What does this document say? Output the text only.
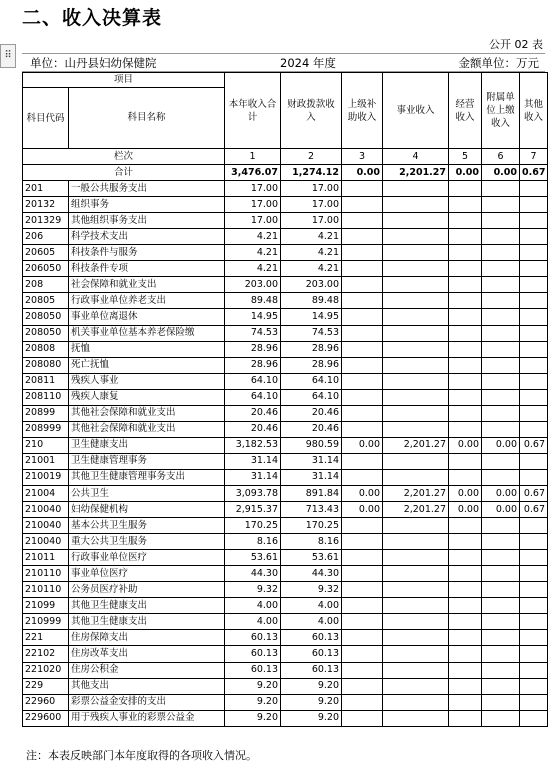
二、收入决算表
⠿
公开 02 表
单位：山丹县妇幼保健院	2024 年度	金额单位：万元
项目		本年收入合计	财政拨款收入	上级补助收入	事业收入	经营收入	附属单位上缴收入	其他收入
科目代码	科目名称							

栏次		1	2	3	4	5	6	7
合计		3,476.07	1,274.12	0.00	2,201.27	0.00	0.00	0.67
201	一般公共服务支出	17.00	17.00					
20132	组织事务	17.00	17.00					
201329	其他组织事务支出	17.00	17.00					
206	科学技术支出	4.21	4.21					
20605	科技条件与服务	4.21	4.21					
206050	科技条件专项	4.21	4.21					
208	社会保障和就业支出	203.00	203.00					
20805	行政事业单位养老支出	89.48	89.48					
208050	事业单位离退休	14.95	14.95					
208050	机关事业单位基本养老保险缴	74.53	74.53					
20808	抚恤	28.96	28.96					
208080	死亡抚恤	28.96	28.96					
20811	残疾人事业	64.10	64.10					
208110	残疾人康复	64.10	64.10					
20899	其他社会保障和就业支出	20.46	20.46					
208999	其他社会保障和就业支出	20.46	20.46					
210	卫生健康支出	3,182.53	980.59	0.00	2,201.27	0.00	0.00	0.67
21001	卫生健康管理事务	31.14	31.14					
210019	其他卫生健康管理事务支出	31.14	31.14					
21004	公共卫生	3,093.78	891.84	0.00	2,201.27	0.00	0.00	0.67
210040	妇幼保健机构	2,915.37	713.43	0.00	2,201.27	0.00	0.00	0.67
210040	基本公共卫生服务	170.25	170.25					
210040	重大公共卫生服务	8.16	8.16					
21011	行政事业单位医疗	53.61	53.61					
210110	事业单位医疗	44.30	44.30					
210110	公务员医疗补助	9.32	9.32					
21099	其他卫生健康支出	4.00	4.00					
210999	其他卫生健康支出	4.00	4.00					
221	住房保障支出	60.13	60.13					
22102	住房改革支出	60.13	60.13					
221020	住房公积金	60.13	60.13					
229	其他支出	9.20	9.20					
22960	彩票公益金安排的支出	9.20	9.20					
229600	用于残疾人事业的彩票公益金	9.20	9.20					
注：本表反映部门本年度取得的各项收入情况。
